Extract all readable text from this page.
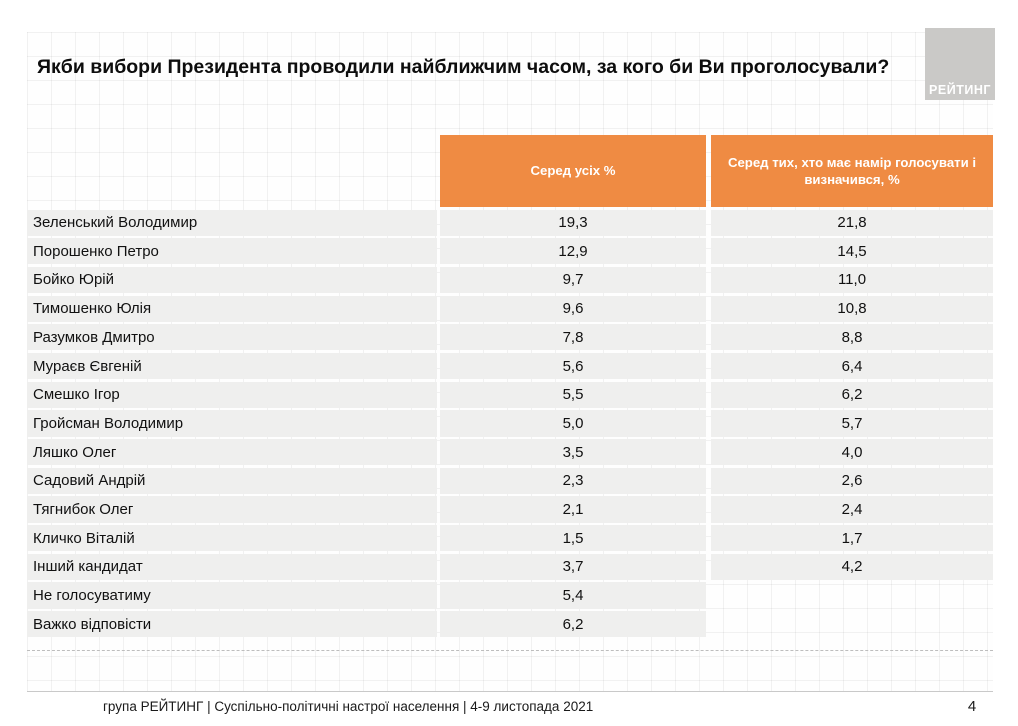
Якби вибори Президента проводили найближчим часом, за кого би Ви проголосували?
РЕЙТИНГ
Серед усіх %
Серед тих, хто має намір голосувати і визначився, %
Зеленський Володимир	19,3	21,8
Порошенко Петро	12,9	14,5
Бойко Юрій	9,7	11,0
Тимошенко Юлія	9,6	10,8
Разумков Дмитро	7,8	8,8
Мураєв Євгеній	5,6	6,4
Смешко Ігор	5,5	6,2
Гройсман Володимир	5,0	5,7
Ляшко Олег	3,5	4,0
Садовий Андрій	2,3	2,6
Тягнибок Олег	2,1	2,4
Кличко Віталій	1,5	1,7
Інший кандидат	3,7	4,2
Не голосуватиму	5,4
Важко відповісти	6,2
група РЕЙТИНГ | Суспільно-політичні настрої населення | 4-9 листопада 2021	4
